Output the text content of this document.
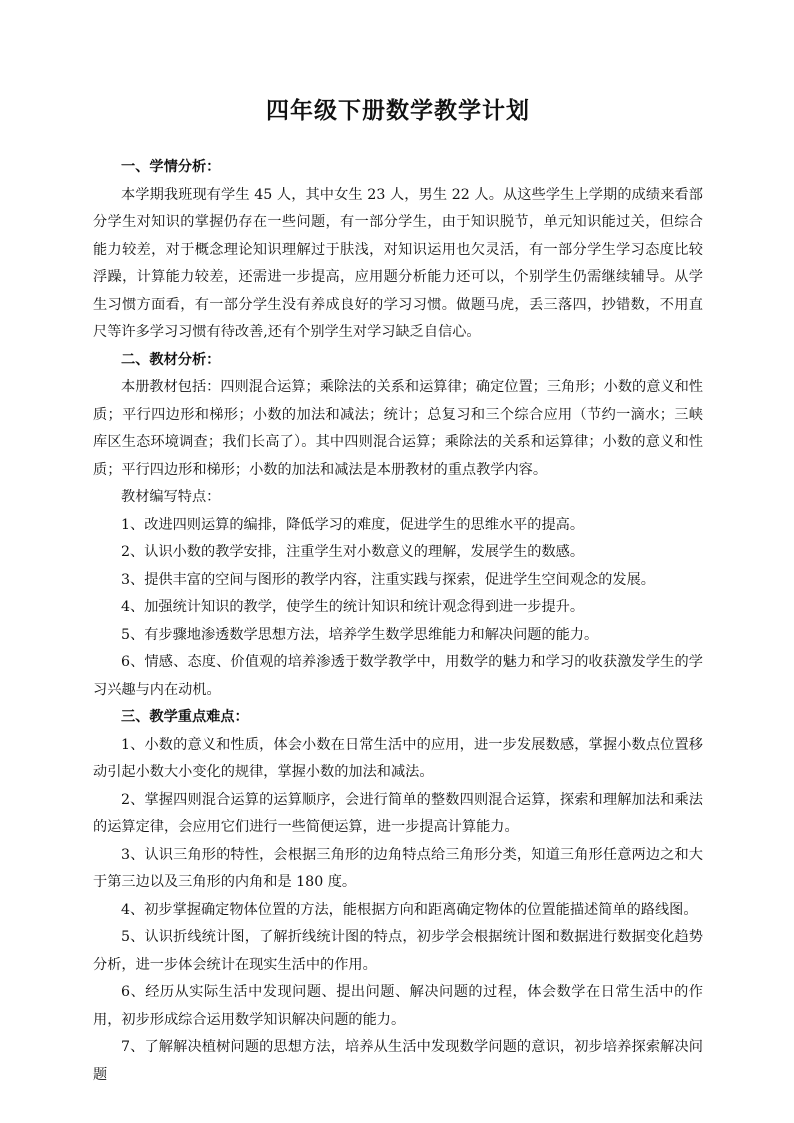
四年级下册数学教学计划

一、学情分析：

本学期我班现有学生 45 人，其中女生 23 人，男生 22 人。从这些学生上学期的成绩来看部分学生对知识的掌握仍存在一些问题，有一部分学生，由于知识脱节，单元知识能过关，但综合能力较差，对于概念理论知识理解过于肤浅，对知识运用也欠灵活，有一部分学生学习态度比较浮躁，计算能力较差，还需进一步提高，应用题分析能力还可以，个别学生仍需继续辅导。从学生习惯方面看，有一部分学生没有养成良好的学习习惯。做题马虎，丢三落四，抄错数，不用直尺等许多学习习惯有待改善,还有个别学生对学习缺乏自信心。

二、教材分析：

本册教材包括：四则混合运算；乘除法的关系和运算律；确定位置；三角形；小数的意义和性质；平行四边形和梯形；小数的加法和减法；统计；总复习和三个综合应用（节约一滴水；三峡库区生态环境调查；我们长高了）。其中四则混合运算；乘除法的关系和运算律；小数的意义和性质；平行四边形和梯形；小数的加法和减法是本册教材的重点教学内容。

教材编写特点：

1、改进四则运算的编排，降低学习的难度，促进学生的思维水平的提高。

2、认识小数的教学安排，注重学生对小数意义的理解，发展学生的数感。

3、提供丰富的空间与图形的教学内容，注重实践与探索，促进学生空间观念的发展。

4、加强统计知识的教学，使学生的统计知识和统计观念得到进一步提升。

5、有步骤地渗透数学思想方法，培养学生数学思维能力和解决问题的能力。

6、情感、态度、价值观的培养渗透于数学教学中，用数学的魅力和学习的收获激发学生的学习兴趣与内在动机。

三、教学重点难点：

1、小数的意义和性质，体会小数在日常生活中的应用，进一步发展数感，掌握小数点位置移动引起小数大小变化的规律，掌握小数的加法和减法。

2、掌握四则混合运算的运算顺序，会进行简单的整数四则混合运算，探索和理解加法和乘法的运算定律，会应用它们进行一些简便运算，进一步提高计算能力。

3、认识三角形的特性，会根据三角形的边角特点给三角形分类，知道三角形任意两边之和大于第三边以及三角形的内角和是 180 度。

4、初步掌握确定物体位置的方法，能根据方向和距离确定物体的位置能描述简单的路线图。

5、认识折线统计图，了解折线统计图的特点，初步学会根据统计图和数据进行数据变化趋势分析，进一步体会统计在现实生活中的作用。

6、经历从实际生活中发现问题、提出问题、解决问题的过程，体会数学在日常生活中的作用，初步形成综合运用数学知识解决问题的能力。

7、了解解决植树问题的思想方法，培养从生活中发现数学问题的意识，初步培养探索解决问题
